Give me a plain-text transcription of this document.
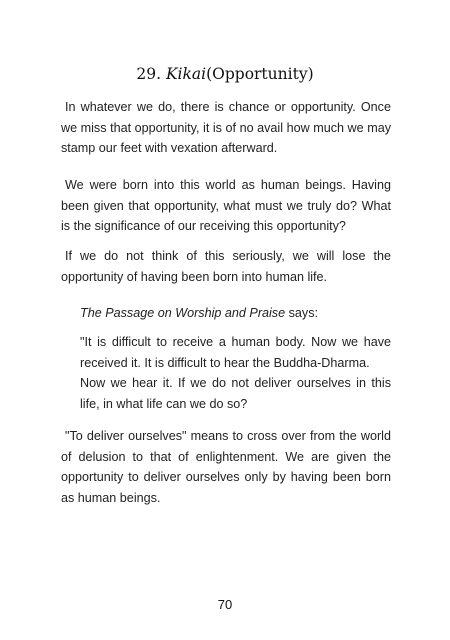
29. Kikai(Opportunity)

In whatever we do, there is chance or opportunity. Once we miss that opportunity, it is of no avail how much we may stamp our feet with vexation afterward.

We were born into this world as human beings. Having been given that opportunity, what must we truly do? What is the significance of our receiving this opportunity?

If we do not think of this seriously, we will lose the opportunity of having been born into human life.

The Passage on Worship and Praise says:

"It is difficult to receive a human body. Now we have received it. It is difficult to hear the Buddha-Dharma.
Now we hear it. If we do not deliver ourselves in this life, in what life can we do so?

"To deliver ourselves" means to cross over from the world of delusion to that of enlightenment. We are given the opportunity to deliver ourselves only by having been born as human beings.

70
